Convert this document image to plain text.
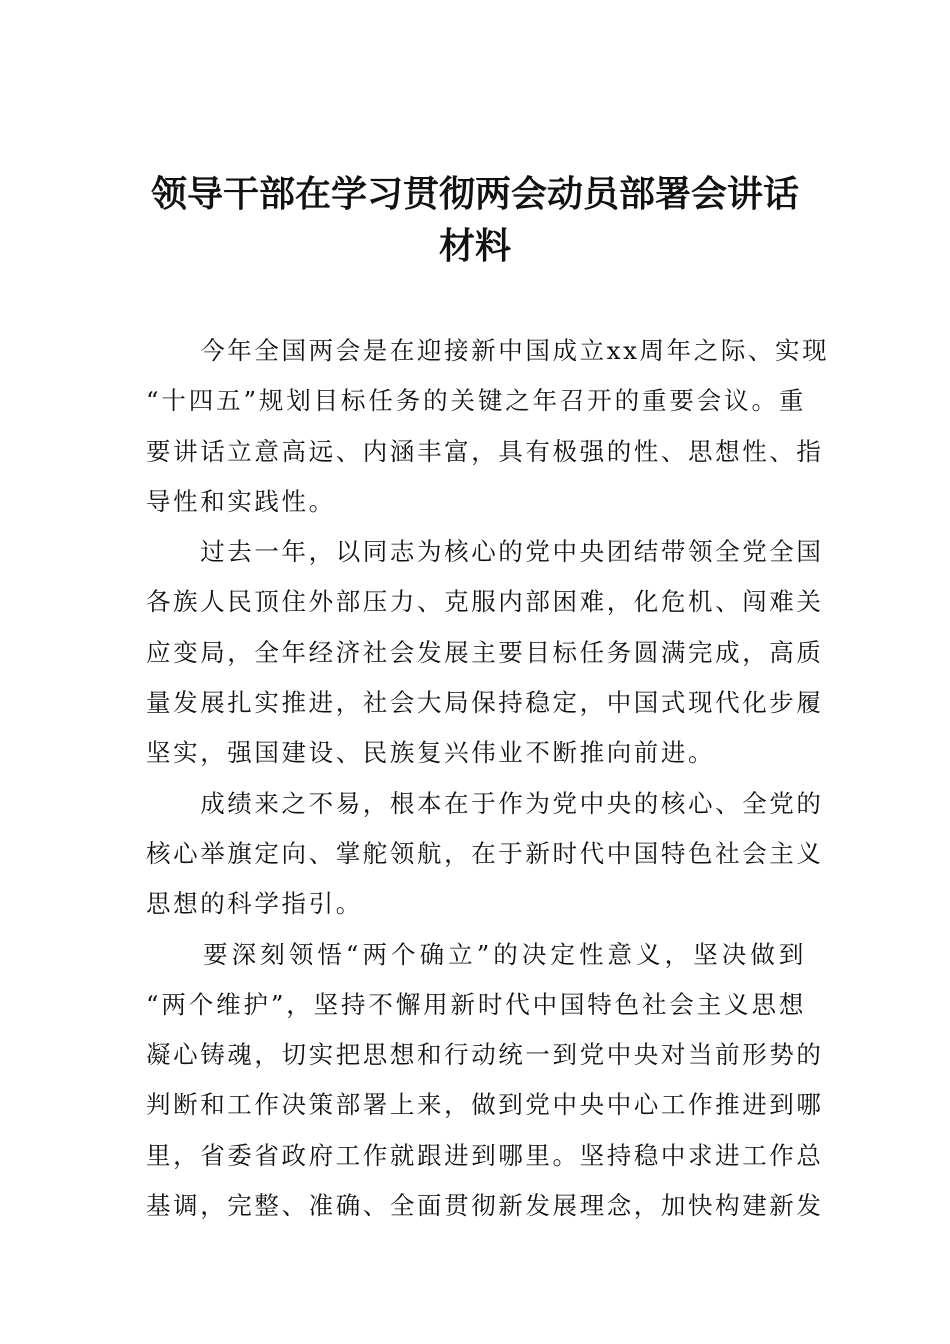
领导干部在学习贯彻两会动员部署会讲话
材料

　　今年全国两会是在迎接新中国成立xx周年之际、实现
“十四五”规划目标任务的关键之年召开的重要会议。重
要讲话立意高远、内涵丰富，具有极强的性、思想性、指
导性和实践性。

　　过去一年，以同志为核心的党中央团结带领全党全国
各族人民顶住外部压力、克服内部困难，化危机、闯难关
应变局，全年经济社会发展主要目标任务圆满完成，高质
量发展扎实推进，社会大局保持稳定，中国式现代化步履
坚实，强国建设、民族复兴伟业不断推向前进。

　　成绩来之不易，根本在于作为党中央的核心、全党的
核心举旗定向、掌舵领航，在于新时代中国特色社会主义
思想的科学指引。

　　要深刻领悟“两个确立”的决定性意义，坚决做到
“两个维护”，坚持不懈用新时代中国特色社会主义思想
凝心铸魂，切实把思想和行动统一到党中央对当前形势的
判断和工作决策部署上来，做到党中央中心工作推进到哪
里，省委省政府工作就跟进到哪里。坚持稳中求进工作总
基调，完整、准确、全面贯彻新发展理念，加快构建新发
